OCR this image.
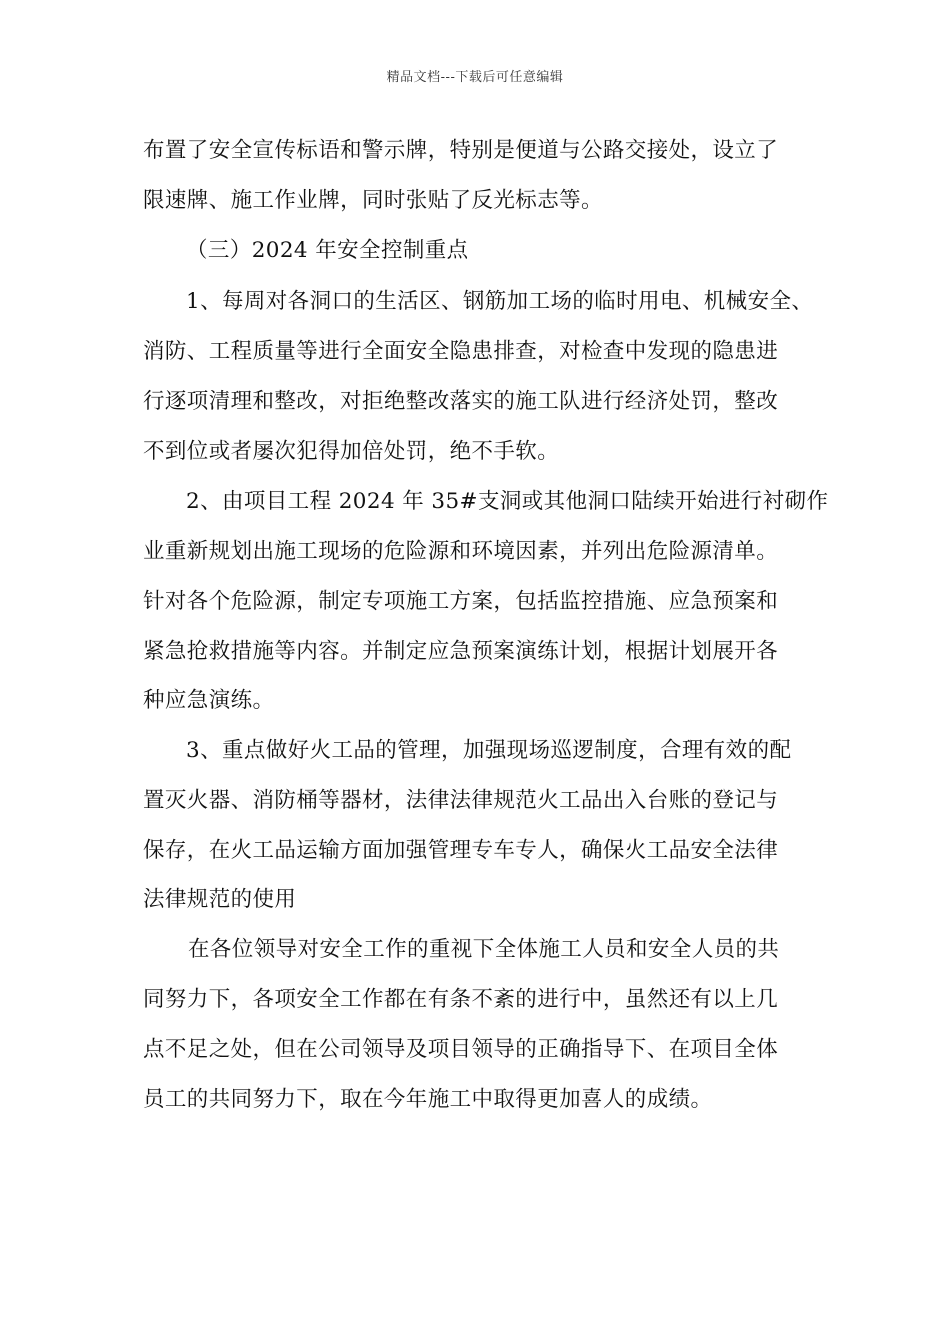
精品文档---下载后可任意编辑
布置了安全宣传标语和警示牌，特别是便道与公路交接处，设立了
限速牌、施工作业牌，同时张贴了反光标志等。
（三）2024 年安全控制重点
1、每周对各洞口的生活区、钢筋加工场的临时用电、机械安全、
消防、工程质量等进行全面安全隐患排查，对检查中发现的隐患进
行逐项清理和整改，对拒绝整改落实的施工队进行经济处罚，整改
不到位或者屡次犯得加倍处罚，绝不手软。
2、由项目工程 2024 年 35#支洞或其他洞口陆续开始进行衬砌作
业重新规划出施工现场的危险源和环境因素，并列出危险源清单。
针对各个危险源，制定专项施工方案，包括监控措施、应急预案和
紧急抢救措施等内容。并制定应急预案演练计划，根据计划展开各
种应急演练。
3、重点做好火工品的管理，加强现场巡逻制度，合理有效的配
置灭火器、消防桶等器材，法律法律规范火工品出入台账的登记与
保存，在火工品运输方面加强管理专车专人，确保火工品安全法律
法律规范的使用
在各位领导对安全工作的重视下全体施工人员和安全人员的共
同努力下，各项安全工作都在有条不紊的进行中，虽然还有以上几
点不足之处，但在公司领导及项目领导的正确指导下、在项目全体
员工的共同努力下，取在今年施工中取得更加喜人的成绩。
